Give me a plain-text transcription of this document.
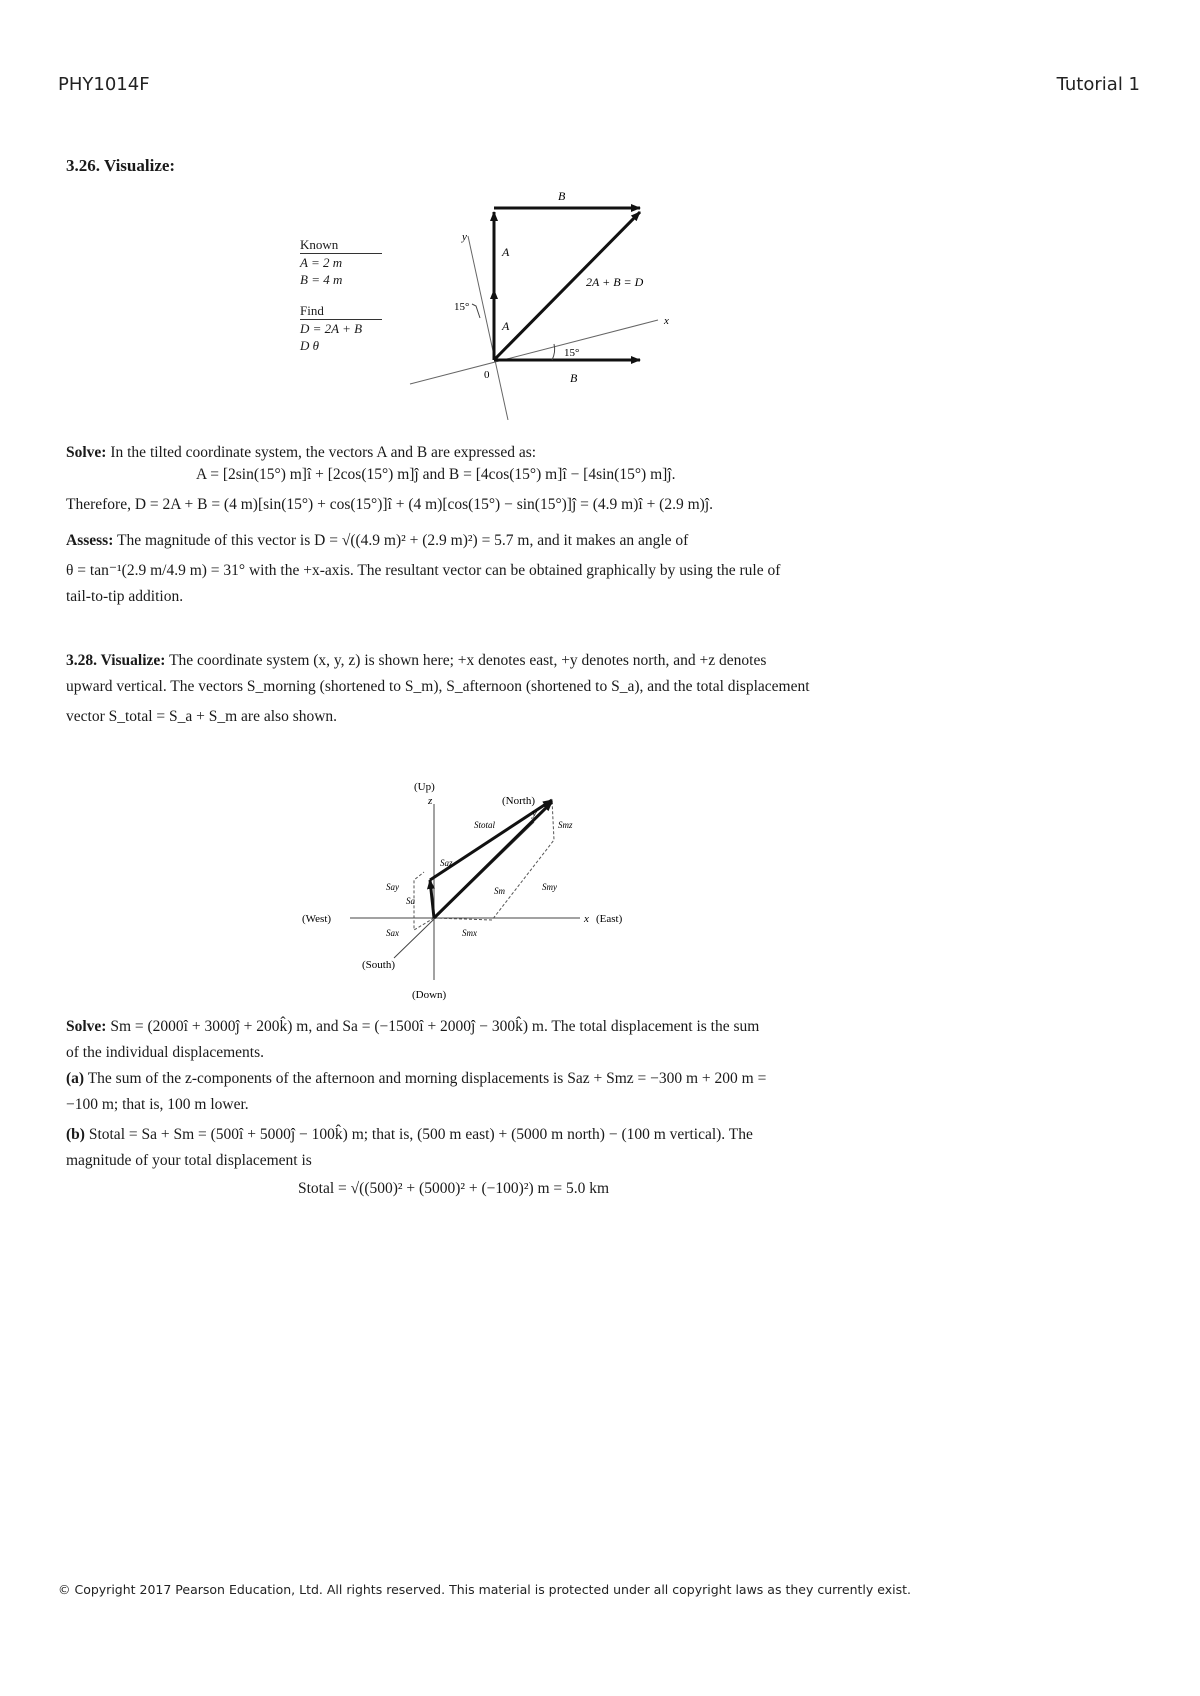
PHY1014F	Tutorial 1
3.26. Visualize:
Known
A = 2 m
B = 4 m
Find
D = 2A + B
D θ
y
x
0
15°
15°
A
A
B
B
2A + B = D
Solve: In the tilted coordinate system, the vectors A and B are expressed as:
A = [2sin(15°) m]î + [2cos(15°) m]ĵ and B = [4cos(15°) m]î − [4sin(15°) m]ĵ.
Therefore, D = 2A + B = (4 m)[sin(15°) + cos(15°)]î + (4 m)[cos(15°) − sin(15°)]ĵ = (4.9 m)î + (2.9 m)ĵ.
Assess: The magnitude of this vector is D = √((4.9 m)² + (2.9 m)²) = 5.7 m, and it makes an angle of
θ = tan⁻¹(2.9 m/4.9 m) = 31° with the +x-axis. The resultant vector can be obtained graphically by using the rule of
tail-to-tip addition.
3.28. Visualize: The coordinate system (x, y, z) is shown here; +x denotes east, +y denotes north, and +z denotes
upward vertical. The vectors S_morning (shortened to S_m), S_afternoon (shortened to S_a), and the total displacement
vector S_total = S_a + S_m are also shown.
(Up)
z	(North)
y
(West)	x (East)
(South)
(Down)
Stotal	Smz
Saz
Say
Sa
Sm	Smy
Sax	Smx
Solve: Sm = (2000î + 3000ĵ + 200k̂) m, and Sa = (−1500î + 2000ĵ − 300k̂) m. The total displacement is the sum
of the individual displacements.
(a) The sum of the z-components of the afternoon and morning displacements is Saz + Smz = −300 m + 200 m =
−100 m; that is, 100 m lower.
(b) Stotal = Sa + Sm = (500î + 5000ĵ − 100k̂) m; that is, (500 m east) + (5000 m north) − (100 m vertical). The
magnitude of your total displacement is
Stotal = √((500)² + (5000)² + (−100)²) m = 5.0 km
© Copyright 2017 Pearson Education, Ltd. All rights reserved. This material is protected under all copyright laws as they currently exist.
